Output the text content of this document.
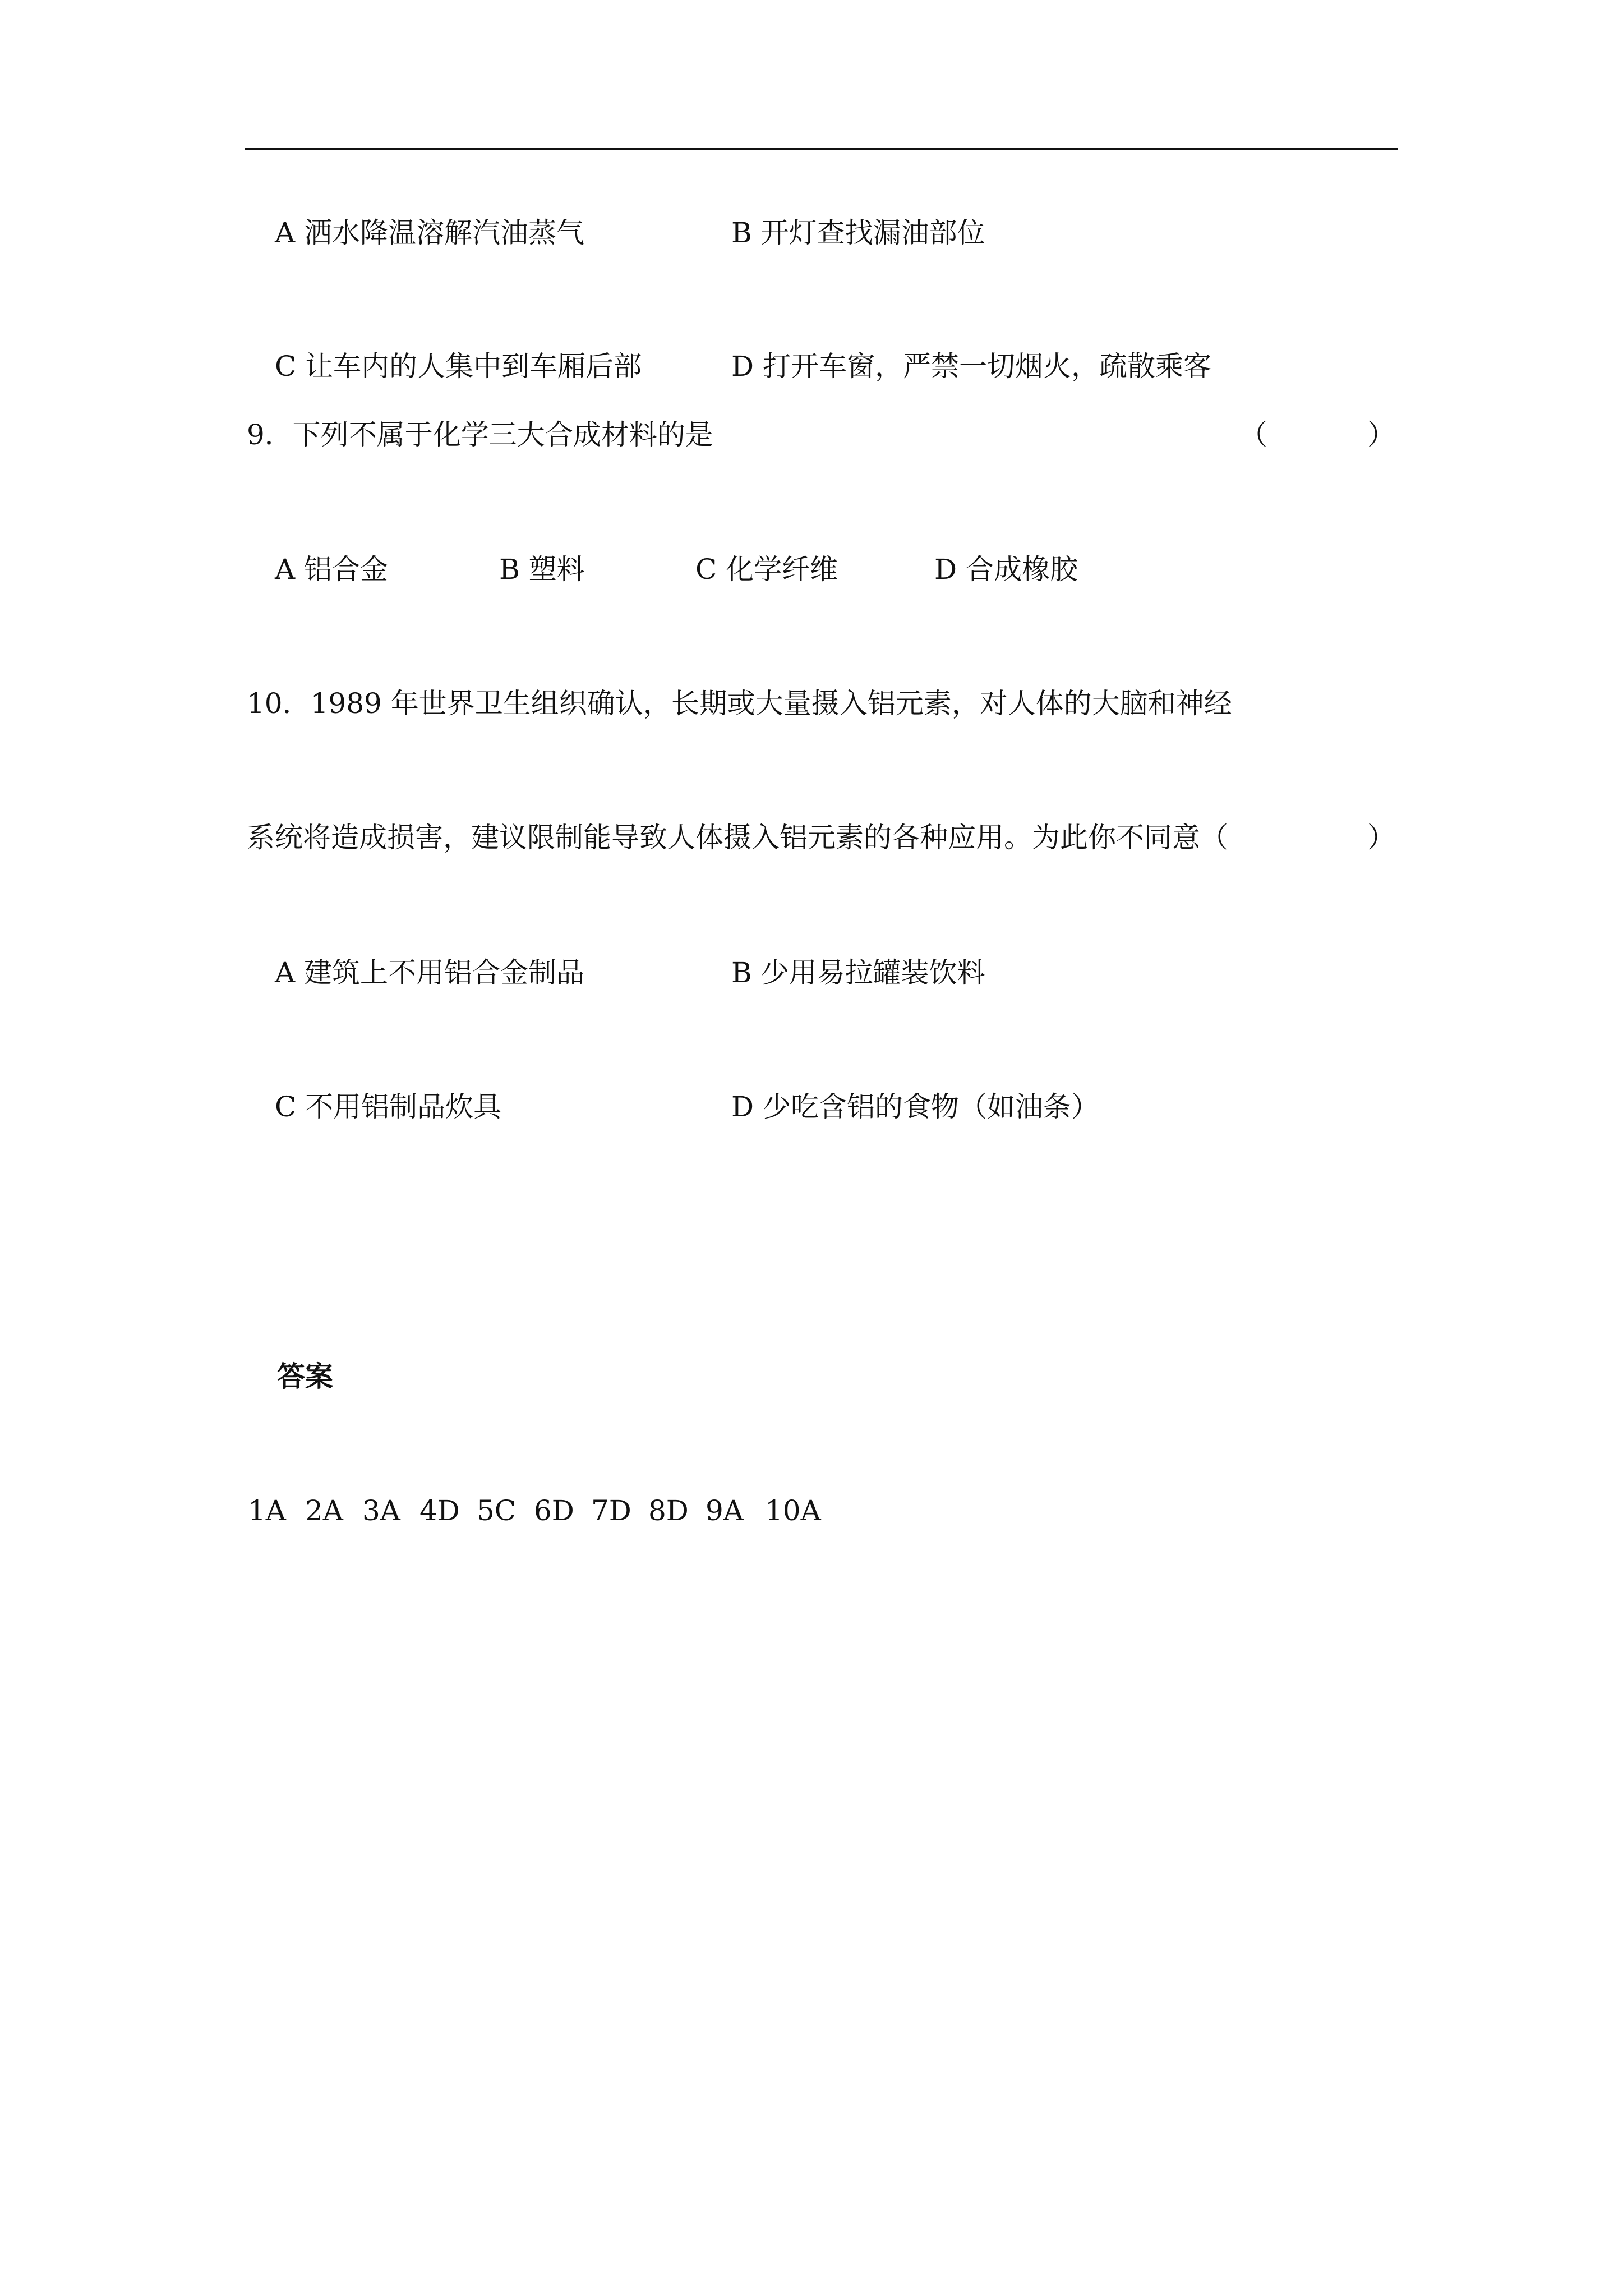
A 洒水降温溶解汽油蒸气	B 开灯查找漏油部位
C 让车内的人集中到车厢后部	D 打开车窗，严禁一切烟火，疏散乘客
9．下列不属于化学三大合成材料的是	（	）
A 铝合金	B 塑料	C 化学纤维	D 合成橡胶
10．1989 年世界卫生组织确认，长期或大量摄入铝元素，对人体的大脑和神经
系统将造成损害，建议限制能导致人体摄入铝元素的各种应用。为此你不同意（	）
A 建筑上不用铝合金制品	B 少用易拉罐装饮料
C 不用铝制品炊具	D 少吃含铝的食物（如油条）
答案
1A 2A 3A 4D 5C 6D 7D 8D 9A 10A
